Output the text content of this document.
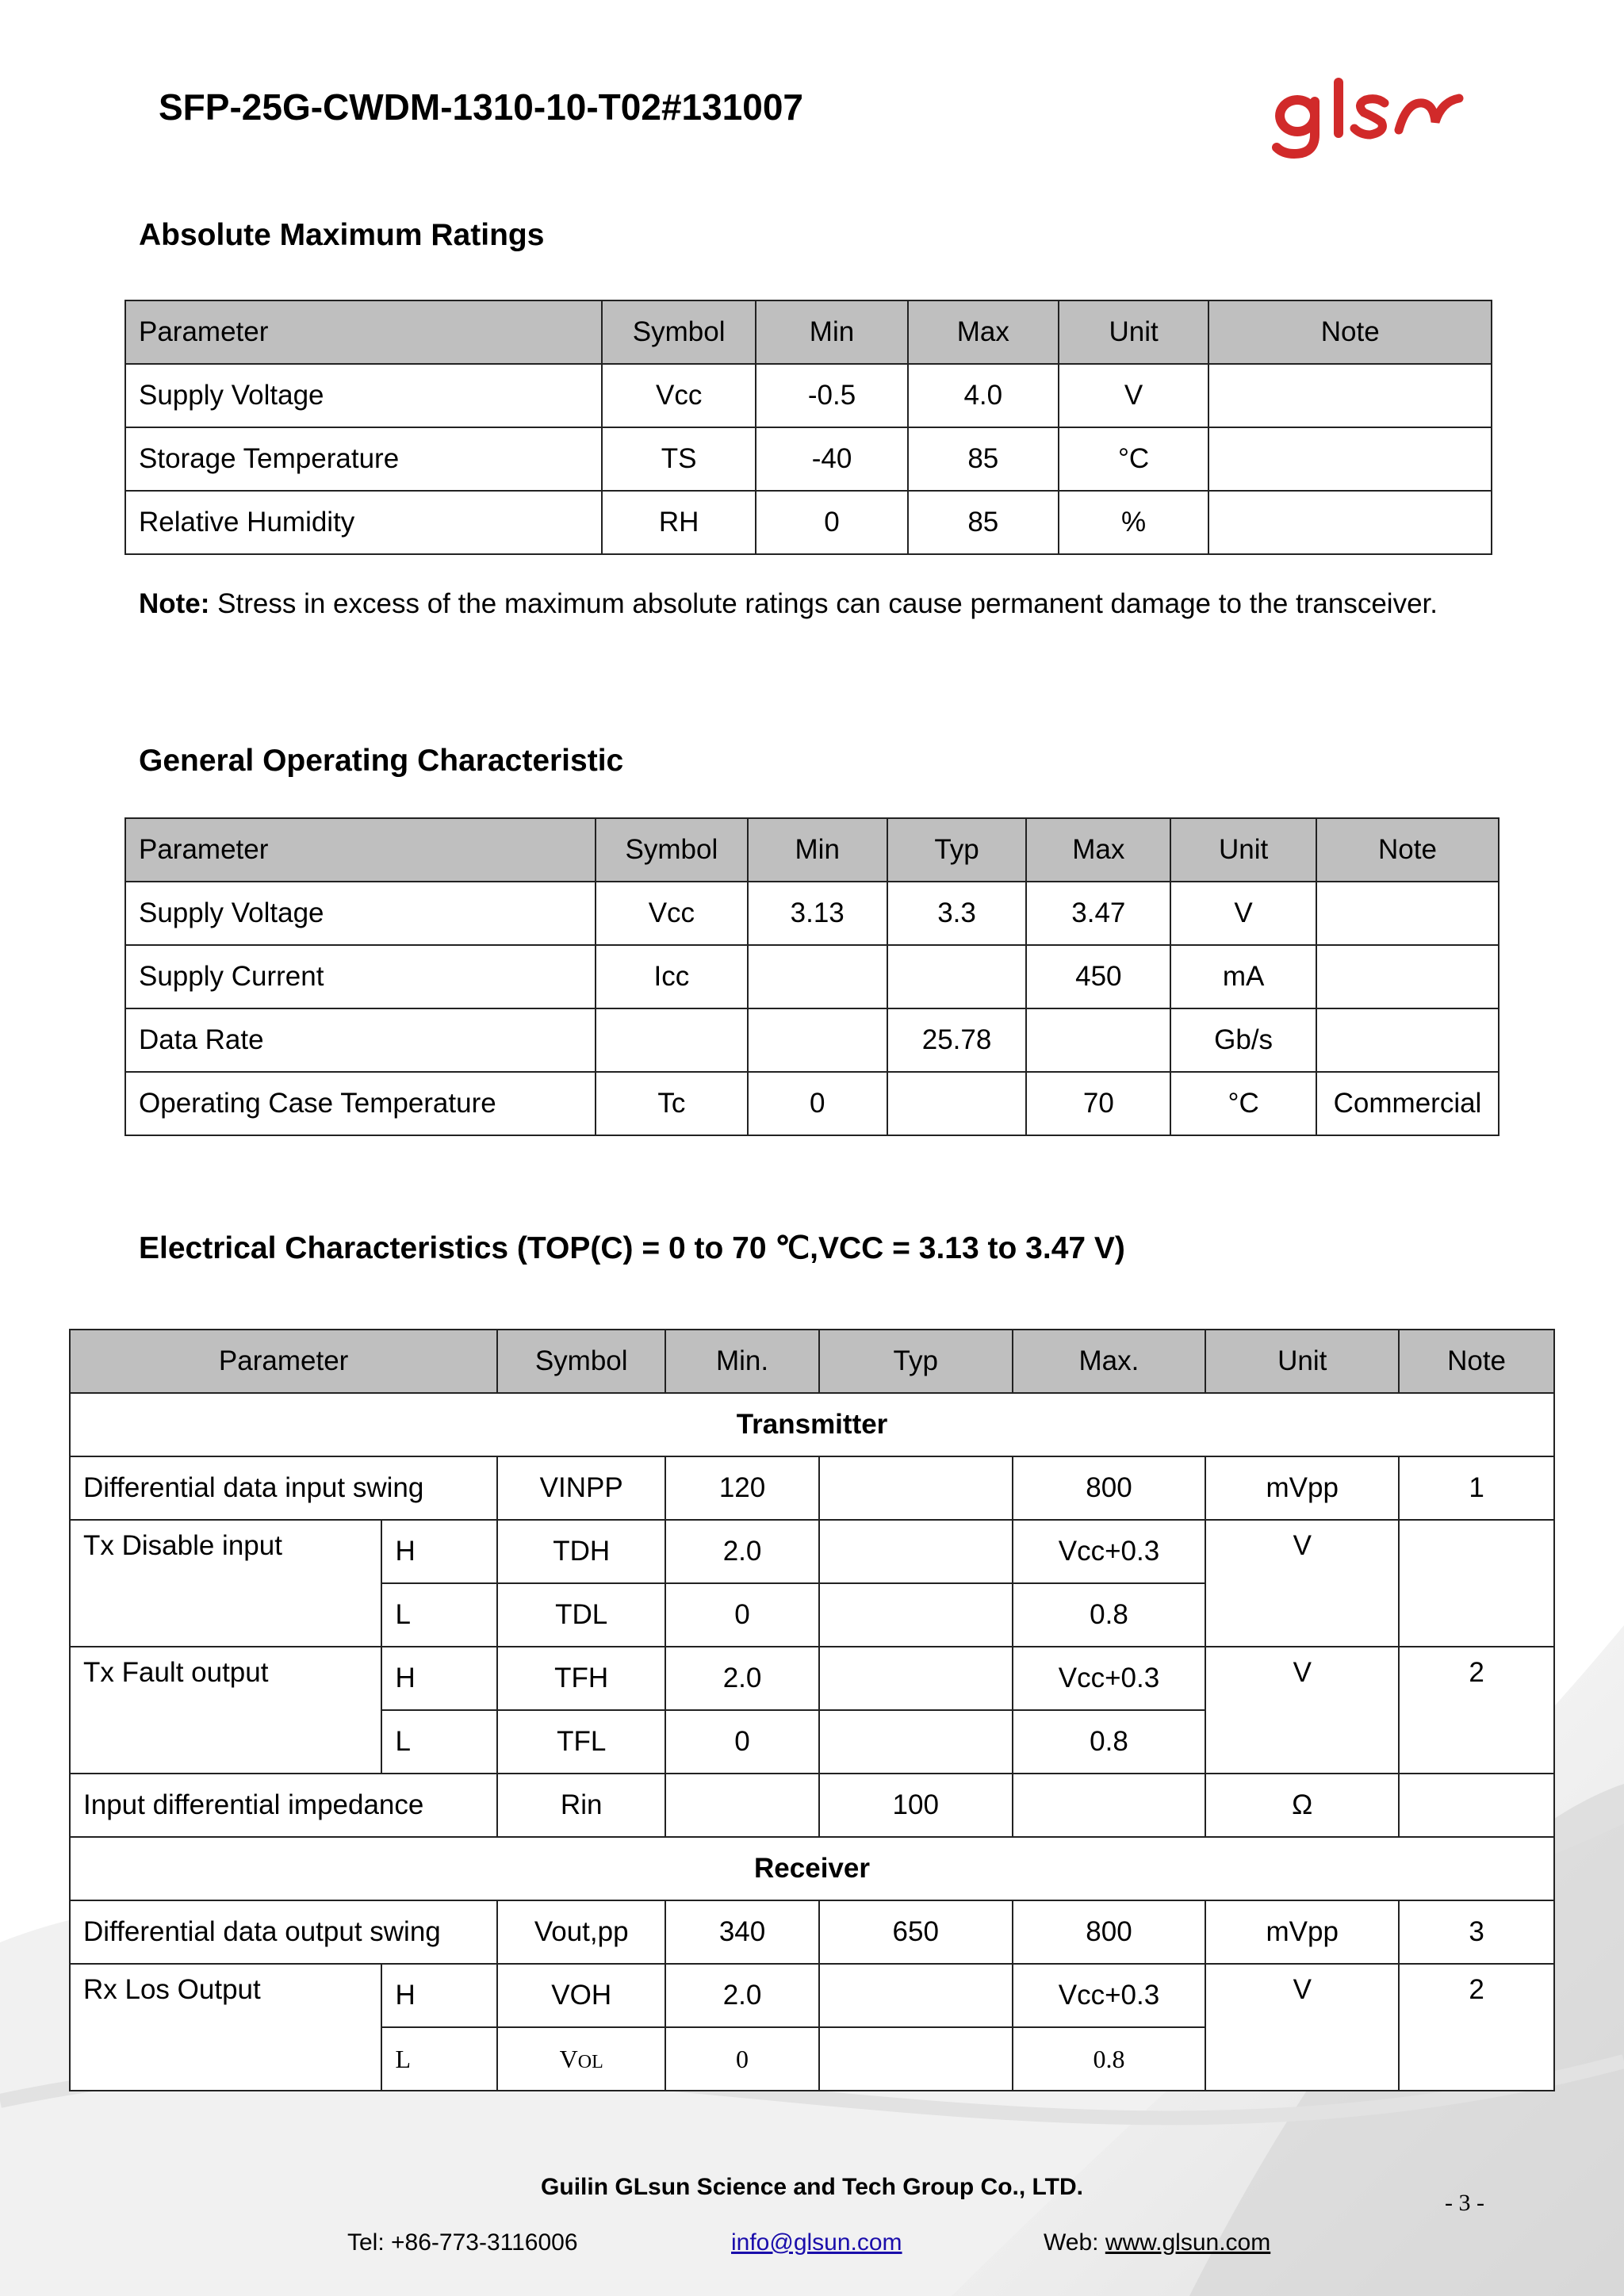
SFP-25G-CWDM-1310-10-T02#131007
Absolute Maximum Ratings
Parameter	Symbol	Min	Max	Unit	Note
Supply Voltage	Vcc	-0.5	4.0	V	
Storage Temperature	TS	-40	85	°C	
Relative Humidity	RH	0	85	%	
Note: Stress in excess of the maximum absolute ratings can cause permanent damage to the transceiver.
General Operating Characteristic
Parameter	Symbol	Min	Typ	Max	Unit	Note
Supply Voltage	Vcc	3.13	3.3	3.47	V	
Supply Current	Icc			450	mA	
Data Rate			25.78		Gb/s	
Operating Case Temperature	Tc	0		70	°C	Commercial
Electrical Characteristics (TOP(C) = 0 to 70 ℃,VCC = 3.13 to 3.47 V)
Parameter		Symbol	Min.	Typ	Max.	Unit	Note
Transmitter							
Differential data input swing		VINPP	120		800	mVpp	1
Tx Disable input	H	TDH	2.0		Vcc+0.3	V	
	L	TDL	0		0.8		
Tx Fault output	H	TFH	2.0		Vcc+0.3	V	2
	L	TFL	0		0.8		
Input differential impedance		Rin		100		Ω	
Receiver							
Differential data output swing		Vout,pp	340	650	800	mVpp	3
Rx Los Output	H	VOH	2.0		Vcc+0.3	V	2
	L	VOL	0		0.8		
Guilin GLsun Science and Tech Group Co., LTD.
- 3 -
Tel: +86-773-3116006	info@glsun.com	Web: www.glsun.com
